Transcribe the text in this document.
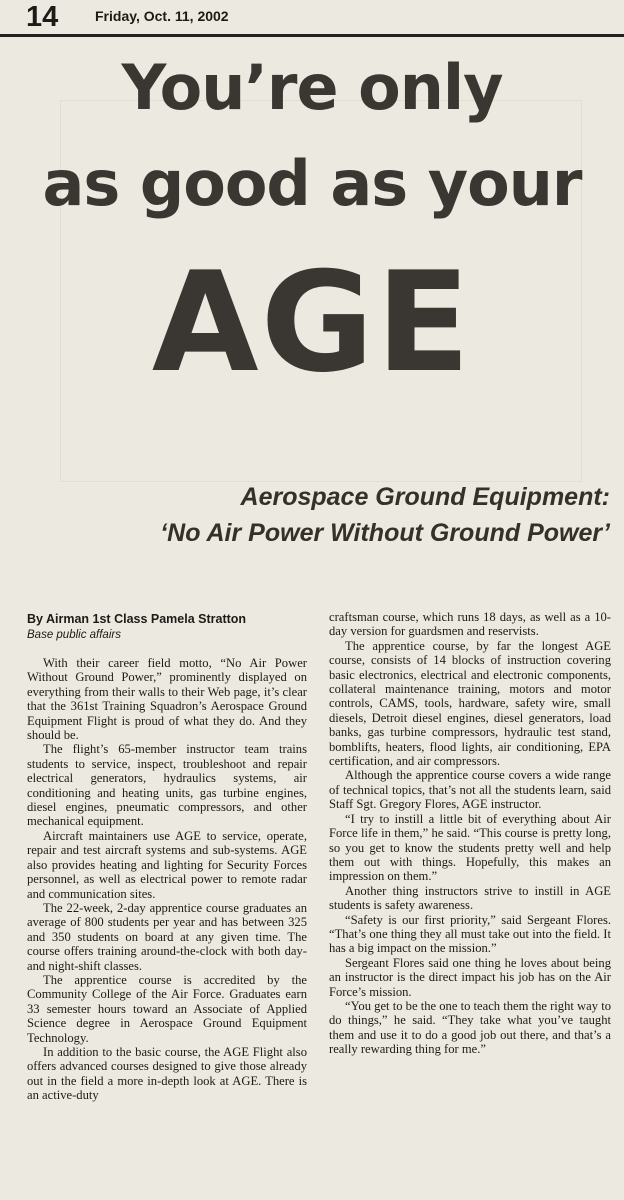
14	Friday, Oct. 11, 2002
You’re only
as good as your
AGE
Aerospace Ground Equipment:
‘No Air Power Without Ground Power’
By Airman 1st Class Pamela Stratton
Base public affairs

With their career field motto, “No Air Power Without Ground Power,” prominently displayed on everything from their walls to their Web page, it’s clear that the 361st Training Squadron’s Aerospace Ground Equipment Flight is proud of what they do. And they should be.

The flight’s 65-member instructor team trains students to service, inspect, troubleshoot and repair electrical generators, hydraulics systems, air conditioning and heating units, gas turbine engines, diesel engines, pneumatic compressors, and other mechanical equipment.

Aircraft maintainers use AGE to service, operate, repair and test aircraft systems and sub-systems. AGE also provides heating and lighting for Security Forces personnel, as well as electrical power to remote radar and communication sites.

The 22-week, 2-day apprentice course graduates an average of 800 students per year and has between 325 and 350 students on board at any given time. The course offers training around-the-clock with both day- and night-shift classes.

The apprentice course is accredited by the Community College of the Air Force. Graduates earn 33 semester hours toward an Associate of Applied Science degree in Aerospace Ground Equipment Technology.

In addition to the basic course, the AGE Flight also offers advanced courses designed to give those already out in the field a more in-depth look at AGE. There is an active-duty

craftsman course, which runs 18 days, as well as a 10-day version for guardsmen and reservists.

The apprentice course, by far the longest AGE course, consists of 14 blocks of instruction covering basic electronics, electrical and electronic components, collateral maintenance training, motors and motor controls, CAMS, tools, hardware, safety wire, small diesels, Detroit diesel engines, diesel generators, load banks, gas turbine compressors, hydraulic test stand, bomblifts, heaters, flood lights, air conditioning, EPA certification, and air compressors.

Although the apprentice course covers a wide range of technical topics, that’s not all the students learn, said Staff Sgt. Gregory Flores, AGE instructor.

“I try to instill a little bit of everything about Air Force life in them,” he said. “This course is pretty long, so you get to know the students pretty well and help them out with things. Hopefully, this makes an impression on them.”

Another thing instructors strive to instill in AGE students is safety awareness.

“Safety is our first priority,” said Sergeant Flores. “That’s one thing they all must take out into the field. It has a big impact on the mission.”

Sergeant Flores said one thing he loves about being an instructor is the direct impact his job has on the Air Force’s mission.

“You get to be the one to teach them the right way to do things,” he said. “They take what you’ve taught them and use it to do a good job out there, and that’s a really rewarding thing for me.”
